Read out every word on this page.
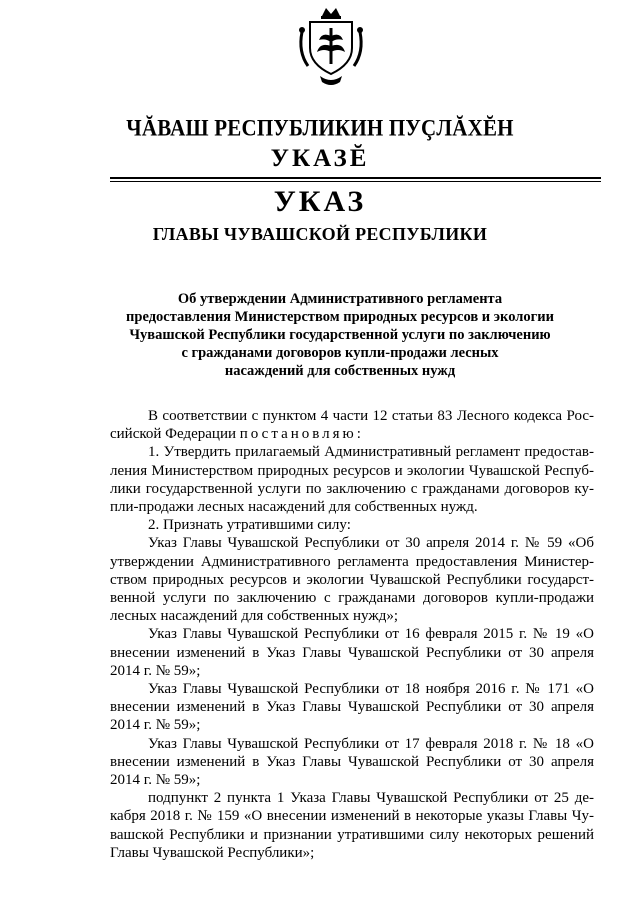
ЧĂВАШ РЕСПУБЛИКИН ПУÇЛĂХĔН
УКАЗĔ
УКАЗ
ГЛАВЫ ЧУВАШСКОЙ РЕСПУБЛИКИ
Об утверждении Административного регламента
предоставления Министерством природных ресурсов и экологии
Чувашской Республики государственной услуги по заключению
с гражданами договоров купли-продажи лесных
насаждений для собственных нужд

В соответствии с пунктом 4 части 12 статьи 83 Лесного кодекса Российской Федерации постановляю:

1. Утвердить прилагаемый Административный регламент предоставления Министерством природных ресурсов и экологии Чувашской Республики государственной услуги по заключению с гражданами договоров купли-продажи лесных насаждений для собственных нужд.

2. Признать утратившими силу:

Указ Главы Чувашской Республики от 30 апреля 2014 г. № 59 «Об утверждении Административного регламента предоставления Министерством природных ресурсов и экологии Чувашской Республики государственной услуги по заключению с гражданами договоров купли-продажи лесных насаждений для собственных нужд»;

Указ Главы Чувашской Республики от 16 февраля 2015 г. № 19 «О внесении изменений в Указ Главы Чувашской Республики от 30 апреля 2014 г. № 59»;

Указ Главы Чувашской Республики от 18 ноября 2016 г. № 171 «О внесении изменений в Указ Главы Чувашской Республики от 30 апреля 2014 г. № 59»;

Указ Главы Чувашской Республики от 17 февраля 2018 г. № 18 «О внесении изменений в Указ Главы Чувашской Республики от 30 апреля 2014 г. № 59»;

подпункт 2 пункта 1 Указа Главы Чувашской Республики от 25 декабря 2018 г. № 159 «О внесении изменений в некоторые указы Главы Чувашской Республики и признании утратившими силу некоторых решений Главы Чувашской Республики»;
